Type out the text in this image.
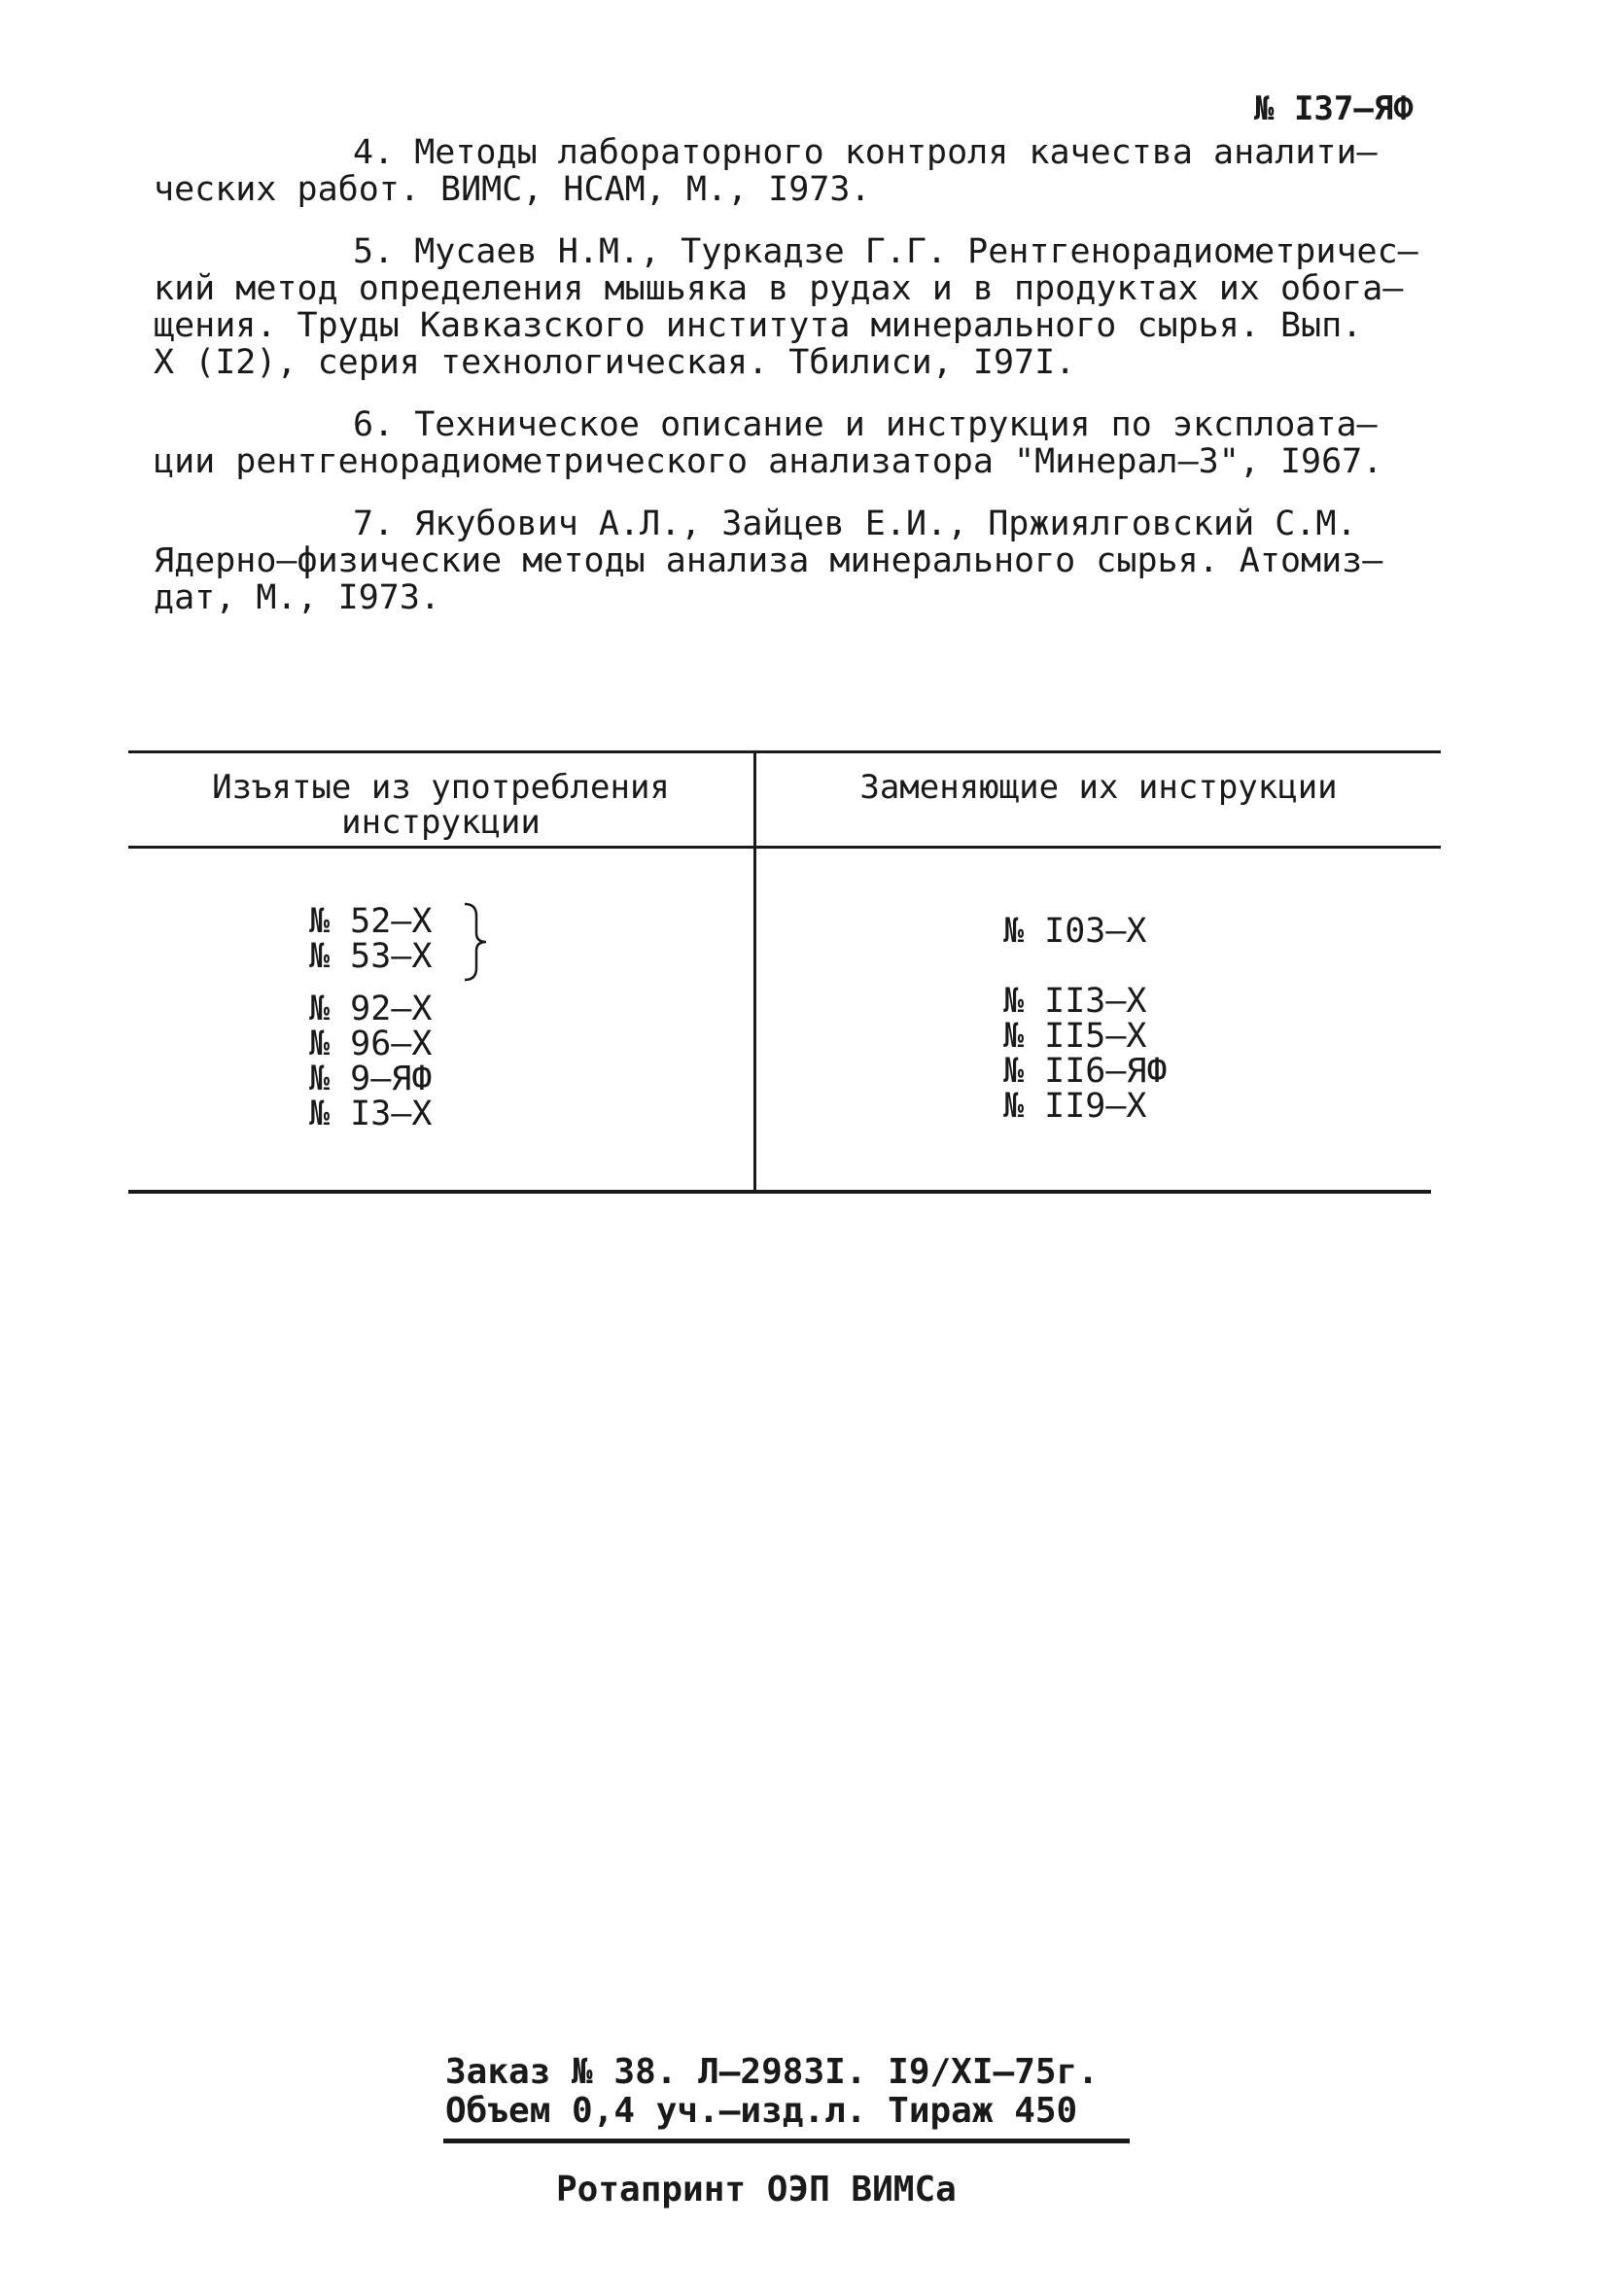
№ I37–ЯФ
4. Методы лабораторного контроля качества аналити–
ческих работ. ВИМС, НСАМ, М., I973.
5. Мусаев Н.М., Туркадзе Г.Г. Рентгенорадиометричес–
кий метод определения мышьяка в рудах и в продуктах их обога–
щения. Труды Кавказского института минерального сырья. Вып.
X (I2), серия технологическая. Тбилиси, I97I.
6. Техническое описание и инструкция по эксплоата–
ции рентгенорадиометрического анализатора "Минерал–3", I967.
7. Якубович А.Л., Зайцев Е.И., Пржиялговский С.М.
Ядерно–физические методы анализа минерального сырья. Атомиз–
дат, М., I973.
Изъятые из употребления
инструкции
Заменяющие их инструкции
№ 52–Х
№ 53–Х
№ 92–Х
№ 96–Х
№ 9–ЯФ
№ I3–Х
№ I03–Х
№ II3–Х
№ II5–Х
№ II6–ЯФ
№ II9–Х
Заказ № 38. Л–2983I. I9/XI–75г.
Объем 0,4 уч.–изд.л. Тираж 450
Ротапринт ОЭП ВИМСа
